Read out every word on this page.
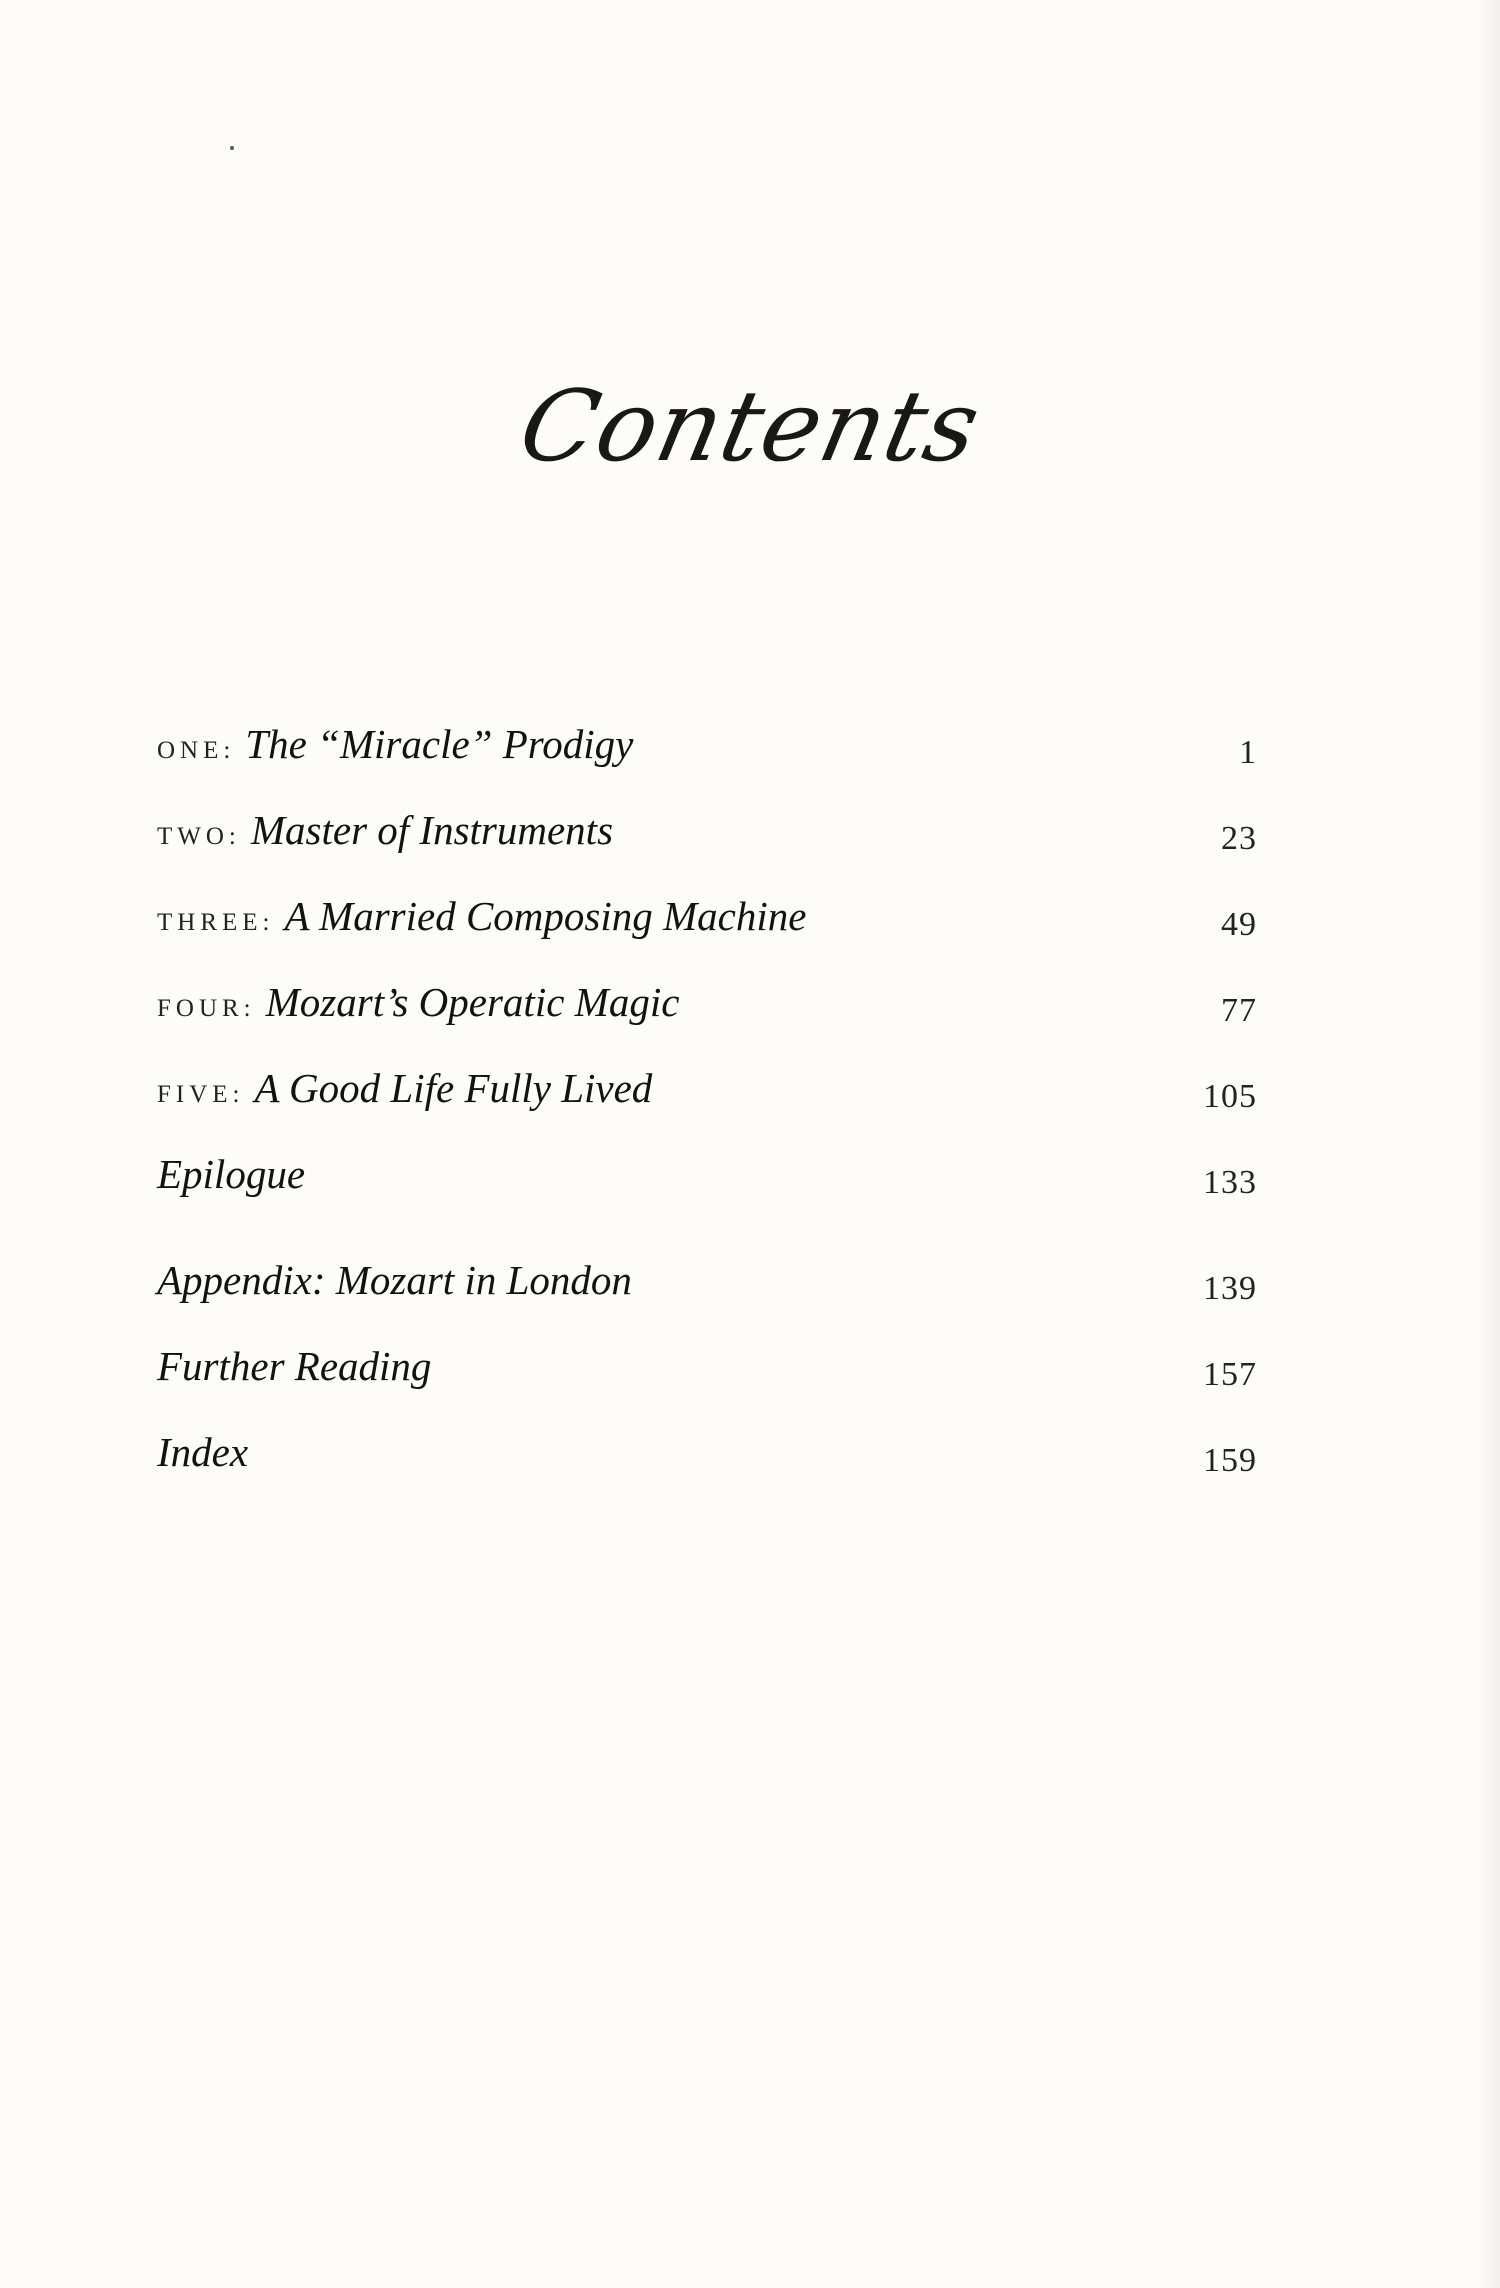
Contents
ONE: The “Miracle” Prodigy	1
TWO: Master of Instruments	23
THREE: A Married Composing Machine	49
FOUR: Mozart’s Operatic Magic	77
FIVE: A Good Life Fully Lived	105
Epilogue	133
Appendix: Mozart in London	139
Further Reading	157
Index	159
